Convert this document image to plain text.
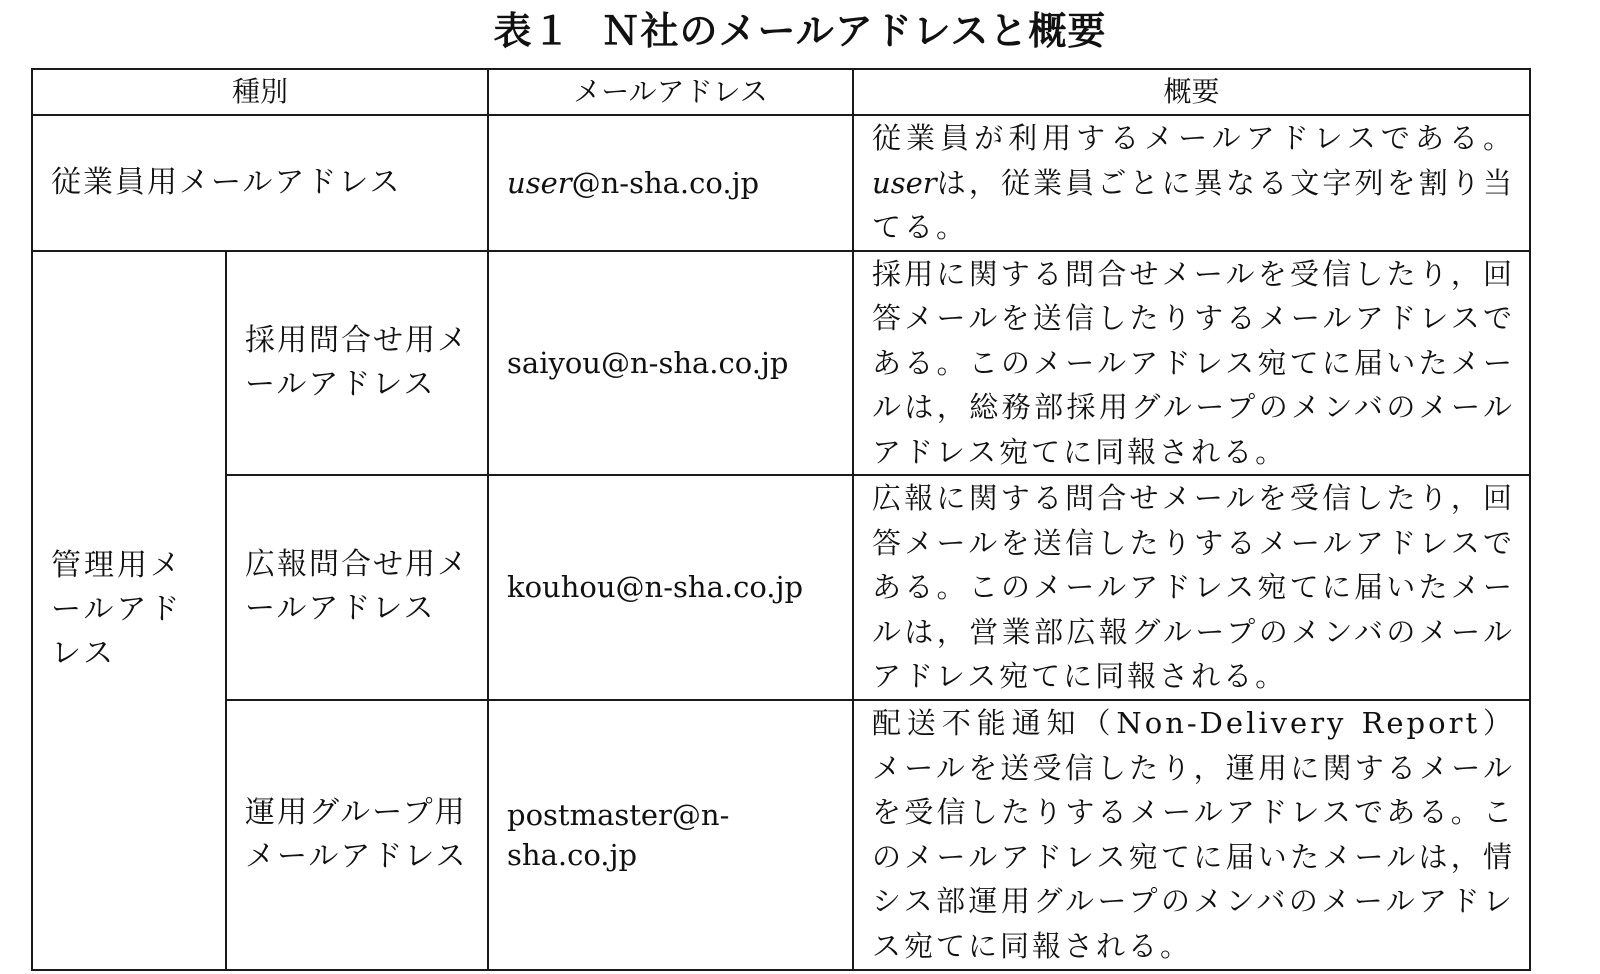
表１ Ｎ社のメールアドレスと概要
種別		メールアドレス	概要

従業員用メールアドレス		user@n-sha.co.jp	従業員が利用するメールアドレスである。userは，従業員ごとに異なる文字列を割り当てる。

管理用メールアドレス	採用問合せ用メールアドレス	saiyou@n-sha.co.jp	採用に関する問合せメールを受信したり，回答メールを送信したりするメールアドレスである。このメールアドレス宛てに届いたメールは，総務部採用グループのメンバのメールアドレス宛てに同報される。

	広報問合せ用メールアドレス	kouhou@n-sha.co.jp	広報に関する問合せメールを受信したり，回答メールを送信したりするメールアドレスである。このメールアドレス宛てに届いたメールは，営業部広報グループのメンバのメールアドレス宛てに同報される。

	運用グループ用メールアドレス	postmaster@n-sha.co.jp	配送不能通知（Non-Delivery Report）メールを送受信したり，運用に関するメールを受信したりするメールアドレスである。このメールアドレス宛てに届いたメールは，情シス部運用グループのメンバのメールアドレス宛てに同報される。
